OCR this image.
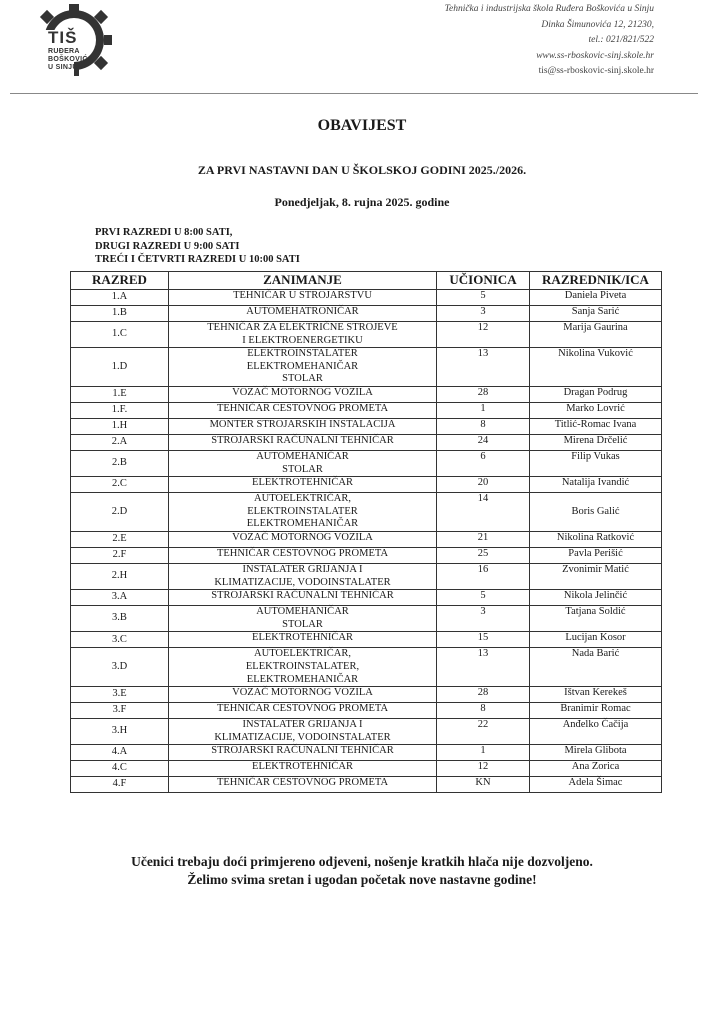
TIŠ
RUĐERA
BOŠKOVIĆA
U SINJU
Tehnička i industrijska škola Ruđera Boškovića u Sinju
Dinka Šimunovića 12, 21230,
tel.: 021/821/522
www.ss-rboskovic-sinj.skole.hr
tis@ss-rboskovic-sinj.skole.hr
OBAVIJEST
ZA PRVI NASTAVNI DAN U ŠKOLSKOJ GODINI 2025./2026.
Ponedjeljak, 8. rujna 2025. godine
PRVI RAZREDI U 8:00 SATI,
DRUGI RAZREDI U 9:00 SATI
TREĆI I ČETVRTI RAZREDI U 10:00 SATI
RAZRED	ZANIMANJE	UČIONICA	RAZREDNIK/ICA
1.A	TEHNIČAR U STROJARSTVU	5	Daniela Piveta
1.B	AUTOMEHATRONIČAR	3	Sanja Sarić
1.C	TEHNIČAR ZA ELEKTRIČNE STROJEVE
I ELEKTROENERGETIKU	12	Marija Gaurina
1.D	ELEKTROINSTALATER
ELEKTROMEHANIČAR
STOLAR	13	Nikolina Vuković
1.E	VOZAČ MOTORNOG VOZILA	28	Dragan Podrug
1.F.	TEHNIČAR CESTOVNOG PROMETA	1	Marko Lovrić
1.H	MONTER STROJARSKIH INSTALACIJA	8	Titlić-Romac Ivana
2.A	STROJARSKI RAČUNALNI TEHNIČAR	24	Mirena Drčelić
2.B	AUTOMEHANIČAR
STOLAR	6	Filip Vukas
2.C	ELEKTROTEHNIČAR	20	Natalija Ivandić
2.D	AUTOELEKTRIČAR,
ELEKTROINSTALATER
ELEKTROMEHANIČAR	14	Boris Galić
2.E	VOZAČ MOTORNOG VOZILA	21	Nikolina Ratković
2.F	TEHNIČAR CESTOVNOG PROMETA	25	Pavla Perišić
2.H	INSTALATER GRIJANJA I
KLIMATIZACIJE, VODOINSTALATER	16	Zvonimir Matić
3.A	STROJARSKI RAČUNALNI TEHNIČAR	5	Nikola Jelinčić
3.B	AUTOMEHANIČAR
STOLAR	3	Tatjana Soldić
3.C	ELEKTROTEHNIČAR	15	Lucijan Kosor
3.D	AUTOELEKTRIČAR,
ELEKTROINSTALATER,
ELEKTROMEHANIČAR	13	Nada Barić
3.E	VOZAČ MOTORNOG VOZILA	28	Ištvan Kerekeš
3.F	TEHNIČAR CESTOVNOG PROMETA	8	Branimir Romac
3.H	INSTALATER GRIJANJA I
KLIMATIZACIJE, VODOINSTALATER	22	Anđelko Čačija
4.A	STROJARSKI RAČUNALNI TEHNIČAR	1	Mirela Glibota
4.C	ELEKTROTEHNIČAR	12	Ana Zorica
4.F	TEHNIČAR CESTOVNOG PROMETA	KN	Adela Šimac
Učenici trebaju doći primjereno odjeveni, nošenje kratkih hlača nije dozvoljeno.
Želimo svima sretan i ugodan početak nove nastavne godine!
